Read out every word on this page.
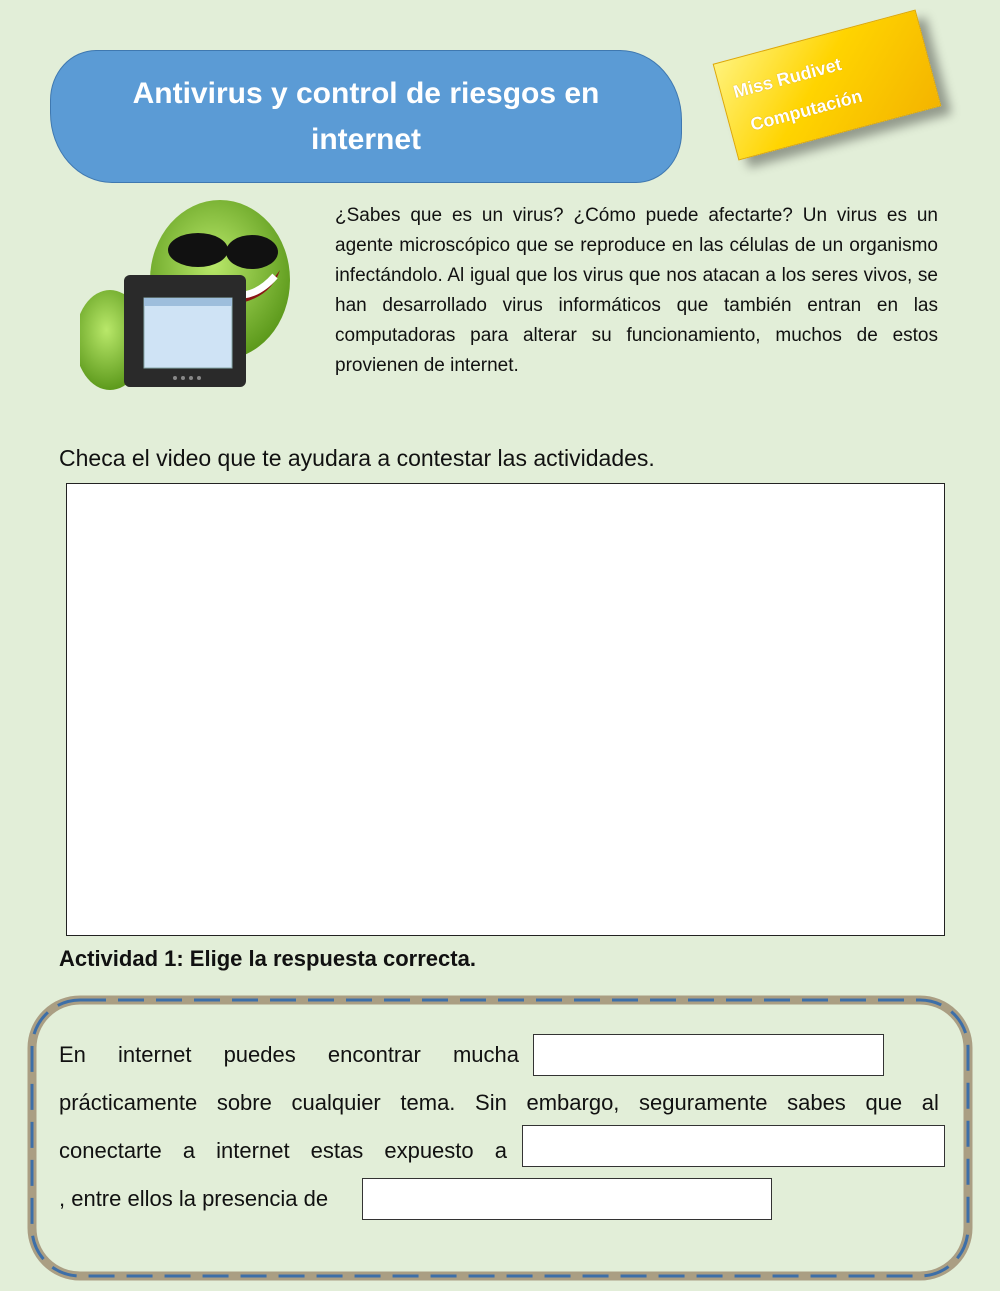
Antivirus y control de riesgos en internet
Miss Rudivet
Computación

¿Sabes que es un virus? ¿Cómo puede afectarte? Un virus es un agente microscópico que se reproduce en las células de un organismo infectándolo. Al igual que los virus que nos atacan a los seres vivos, se han desarrollado virus informáticos que también entran en las computadoras para alterar su funcionamiento, muchos de estos provienen de internet.

Checa el video que te ayudara a contestar las actividades.

Actividad 1: Elige la respuesta correcta.

En internet puedes encontrar mucha
prácticamente sobre cualquier tema. Sin embargo, seguramente sabes que al
conectarte a internet estas expuesto a
, entre ellos la presencia de
